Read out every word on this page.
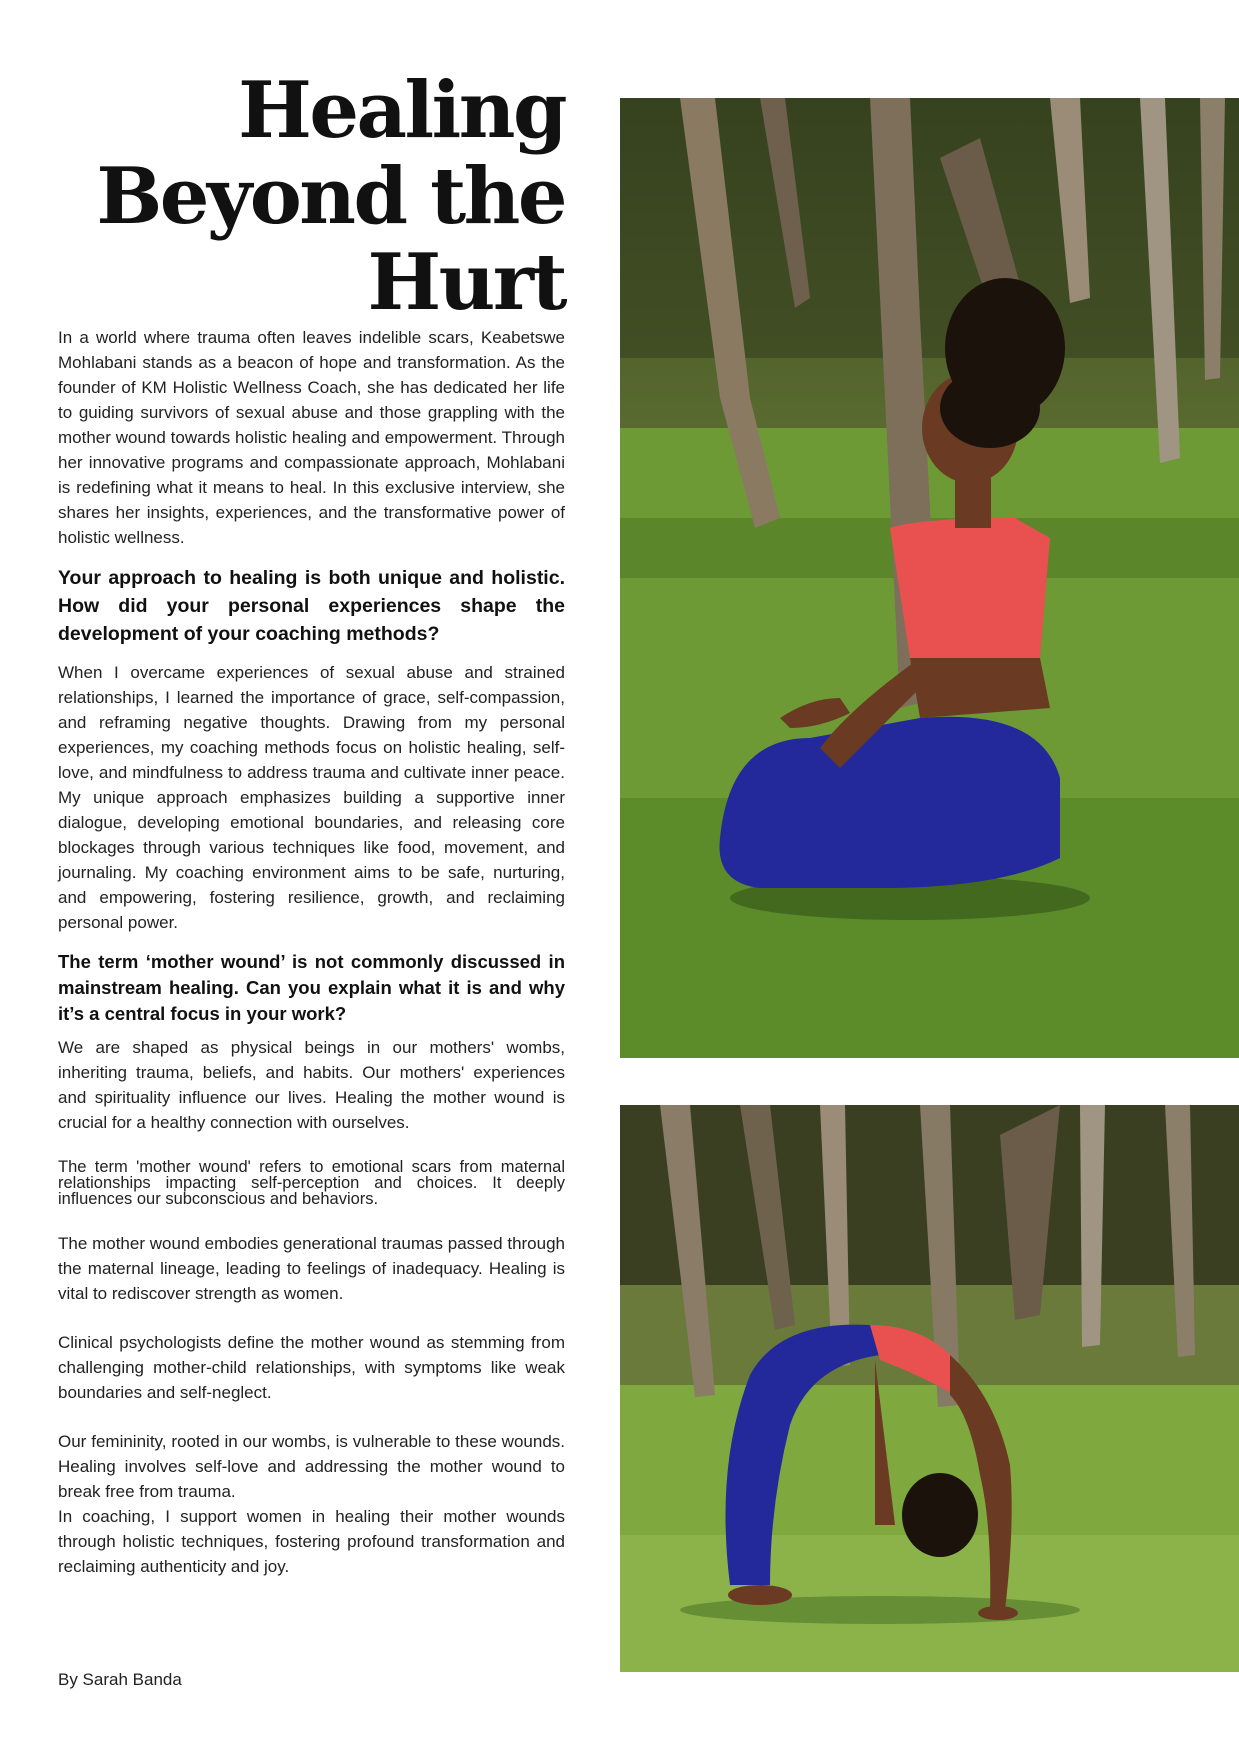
Healing
Beyond the
Hurt

In a world where trauma often leaves indelible scars, Keabetswe Mohlabani stands as a beacon of hope and transformation. As the founder of KM Holistic Wellness Coach, she has dedicated her life to guiding survivors of sexual abuse and those grappling with the mother wound towards holistic healing and empowerment. Through her innovative programs and compassionate approach, Mohlabani is redefining what it means to heal. In this exclusive interview, she shares her insights, experiences, and the transformative power of holistic wellness.

Your approach to healing is both unique and holistic. How did your personal experiences shape the development of your coaching methods?

When I overcame experiences of sexual abuse and strained relationships, I learned the importance of grace, self-compassion, and reframing negative thoughts. Drawing from my personal experiences, my coaching methods focus on holistic healing, self-love, and mindfulness to address trauma and cultivate inner peace. My unique approach emphasizes building a supportive inner dialogue, developing emotional boundaries, and releasing core blockages through various techniques like food, movement, and journaling. My coaching environment aims to be safe, nurturing, and empowering, fostering resilience, growth, and reclaiming personal power.

The term ‘mother wound’ is not commonly discussed in mainstream healing. Can you explain what it is and why it’s a central focus in your work?

We are shaped as physical beings in our mothers' wombs, inheriting trauma, beliefs, and habits. Our mothers' experiences and spirituality influence our lives. Healing the mother wound is crucial for a healthy connection with ourselves.

The term 'mother wound' refers to emotional scars from maternal relationships impacting self-perception and choices. It deeply influences our subconscious and behaviors.

The mother wound embodies generational traumas passed through the maternal lineage, leading to feelings of inadequacy. Healing is vital to rediscover strength as women.

Clinical psychologists define the mother wound as stemming from challenging mother-child relationships, with symptoms like weak boundaries and self-neglect.

Our femininity, rooted in our wombs, is vulnerable to these wounds. Healing involves self-love and addressing the mother wound to break free from trauma.

In coaching, I support women in healing their mother wounds through holistic techniques, fostering profound transformation and reclaiming authenticity and joy.

By Sarah Banda
